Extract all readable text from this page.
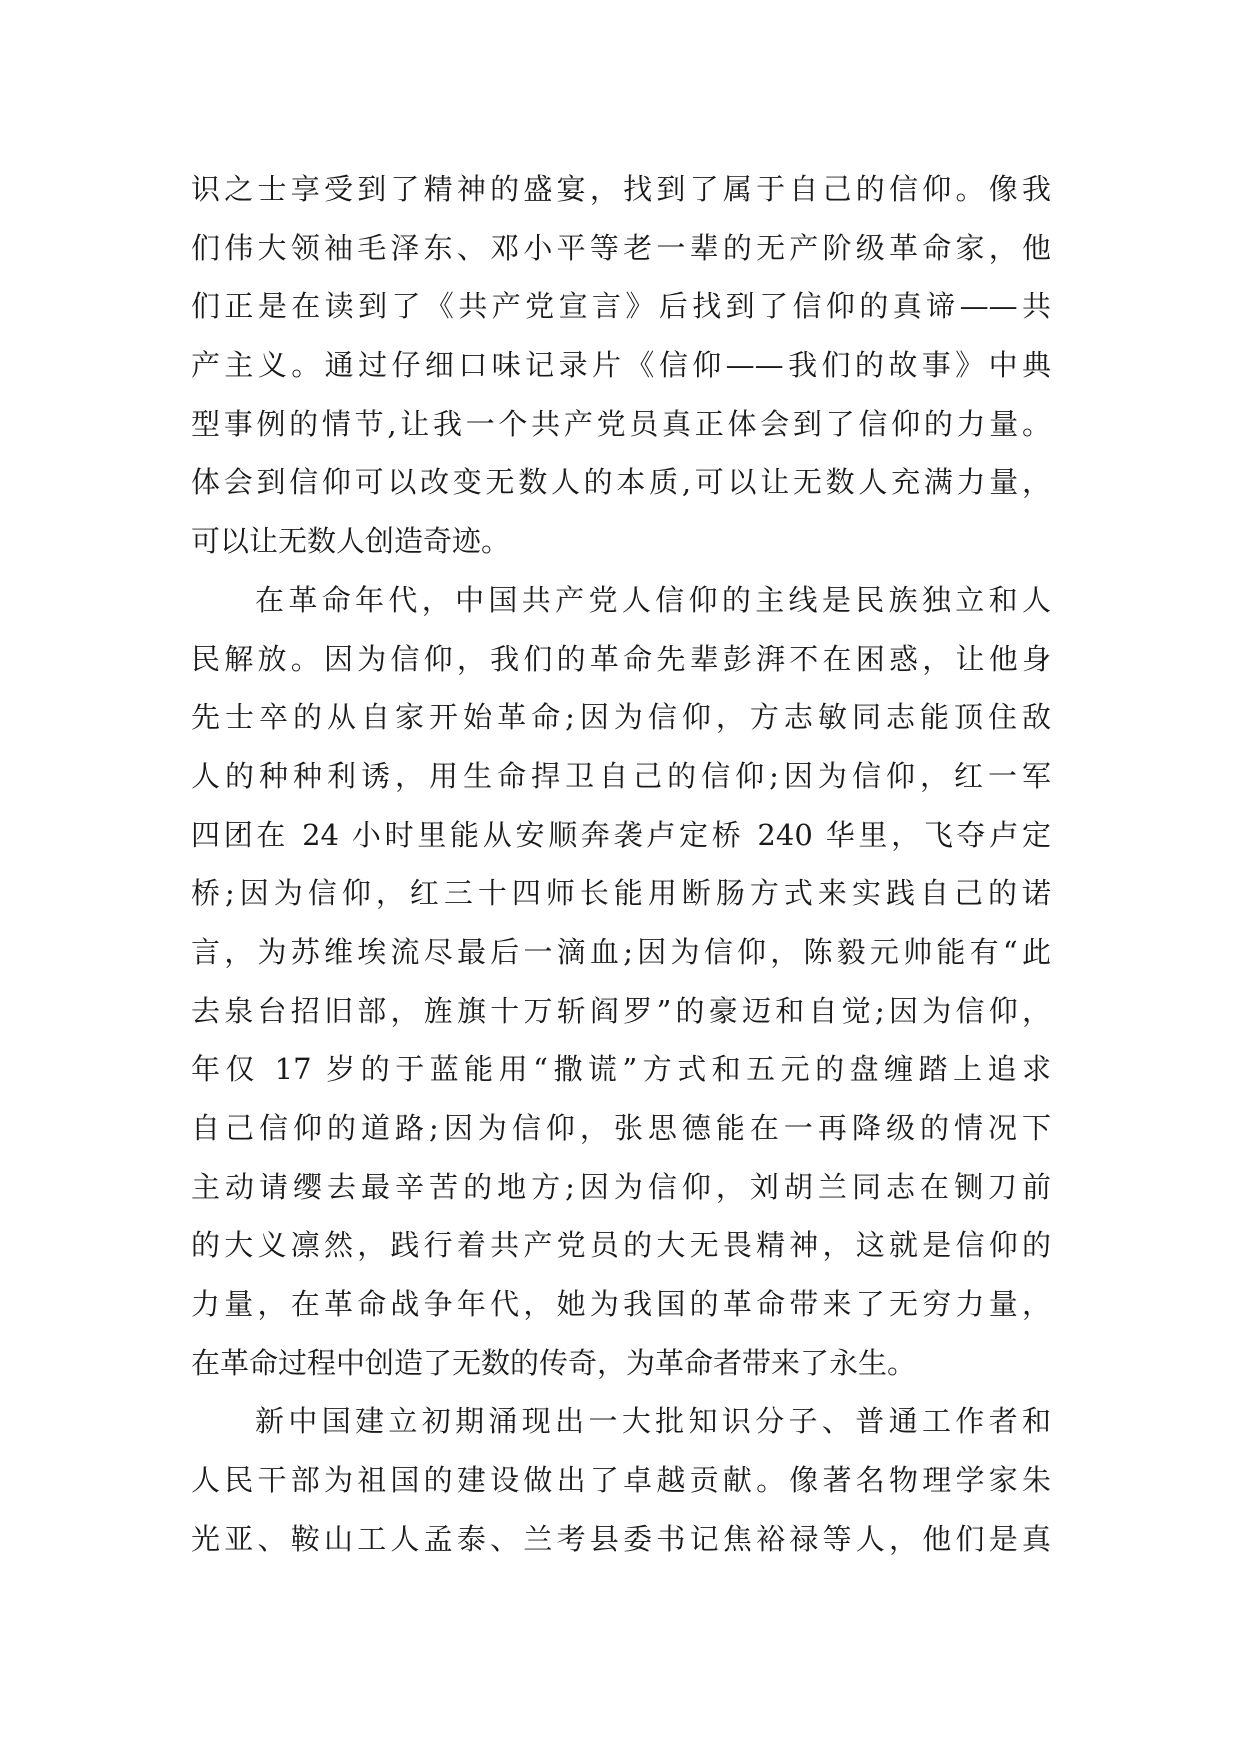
识之士享受到了精神的盛宴，找到了属于自己的信仰。像我
们伟大领袖毛泽东、邓小平等老一辈的无产阶级革命家，他
们正是在读到了《共产党宣言》后找到了信仰的真谛——共
产主义。通过仔细口味记录片《信仰——我们的故事》中典
型事例的情节,让我一个共产党员真正体会到了信仰的力量。
体会到信仰可以改变无数人的本质,可以让无数人充满力量，
可以让无数人创造奇迹。
在革命年代，中国共产党人信仰的主线是民族独立和人
民解放。因为信仰，我们的革命先辈彭湃不在困惑，让他身
先士卒的从自家开始革命;因为信仰，方志敏同志能顶住敌
人的种种利诱，用生命捍卫自己的信仰;因为信仰，红一军
四团在 24 小时里能从安顺奔袭卢定桥 240 华里，飞夺卢定
桥;因为信仰，红三十四师长能用断肠方式来实践自己的诺
言，为苏维埃流尽最后一滴血;因为信仰，陈毅元帅能有“此
去泉台招旧部，旌旗十万斩阎罗”的豪迈和自觉;因为信仰，
年仅 17 岁的于蓝能用“撒谎”方式和五元的盘缠踏上追求
自己信仰的道路;因为信仰，张思德能在一再降级的情况下
主动请缨去最辛苦的地方;因为信仰，刘胡兰同志在铡刀前
的大义凛然，践行着共产党员的大无畏精神，这就是信仰的
力量，在革命战争年代，她为我国的革命带来了无穷力量，
在革命过程中创造了无数的传奇，为革命者带来了永生。
新中国建立初期涌现出一大批知识分子、普通工作者和
人民干部为祖国的建设做出了卓越贡献。像著名物理学家朱
光亚、鞍山工人孟泰、兰考县委书记焦裕禄等人，他们是真
